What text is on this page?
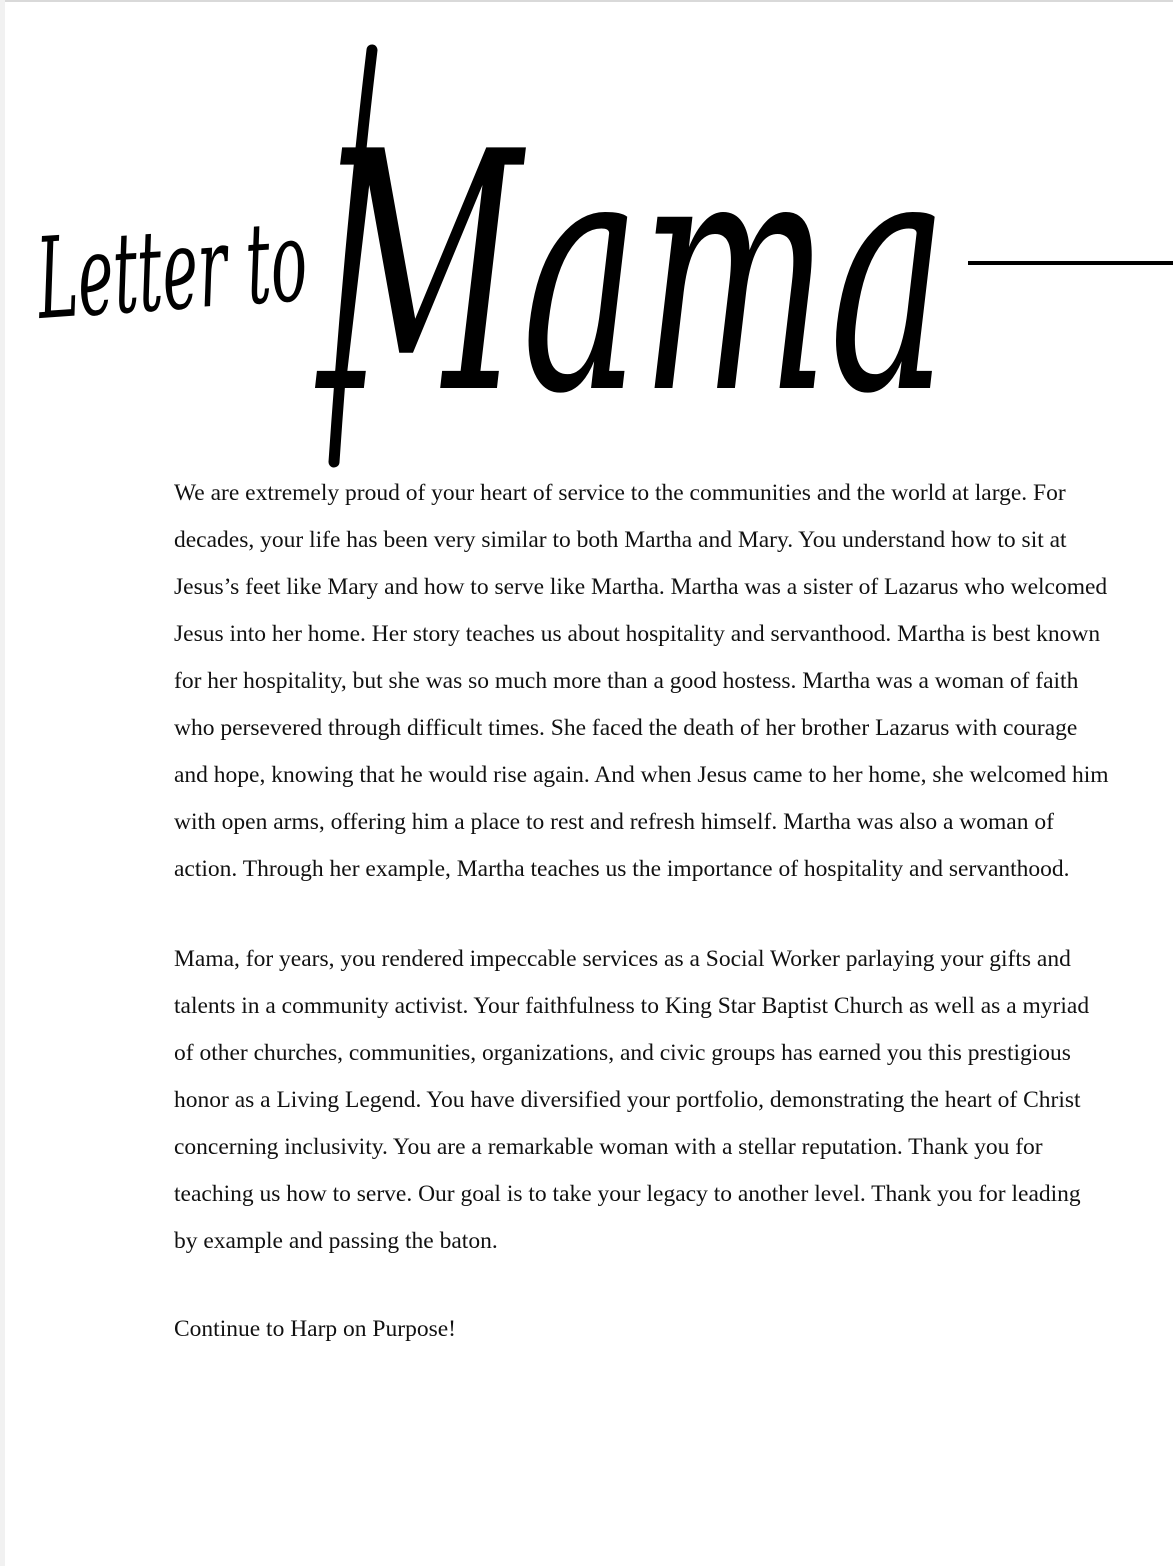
Letter to
Mama

We are extremely proud of your heart of service to the communities and the world at large. For decades, your life has been very similar to both Martha and Mary. You understand how to sit at Jesus’s feet like Mary and how to serve like Martha. Martha was a sister of Lazarus who welcomed Jesus into her home. Her story teaches us about hospitality and servanthood. Martha is best known for her hospitality, but she was so much more than a good hostess. Martha was a woman of faith who persevered through difficult times. She faced the death of her brother Lazarus with courage and hope, knowing that he would rise again. And when Jesus came to her home, she welcomed him with open arms, offering him a place to rest and refresh himself. Martha was also a woman of action. Through her example, Martha teaches us the importance of hospitality and servanthood.

Mama, for years, you rendered impeccable services as a Social Worker parlaying your gifts and talents in a community activist. Your faithfulness to King Star Baptist Church as well as a myriad of other churches, communities, organizations, and civic groups has earned you this prestigious honor as a Living Legend. You have diversified your portfolio, demonstrating the heart of Christ concerning inclusivity. You are a remarkable woman with a stellar reputation. Thank you for teaching us how to serve. Our goal is to take your legacy to another level. Thank you for leading by example and passing the baton.

Continue to Harp on Purpose!
